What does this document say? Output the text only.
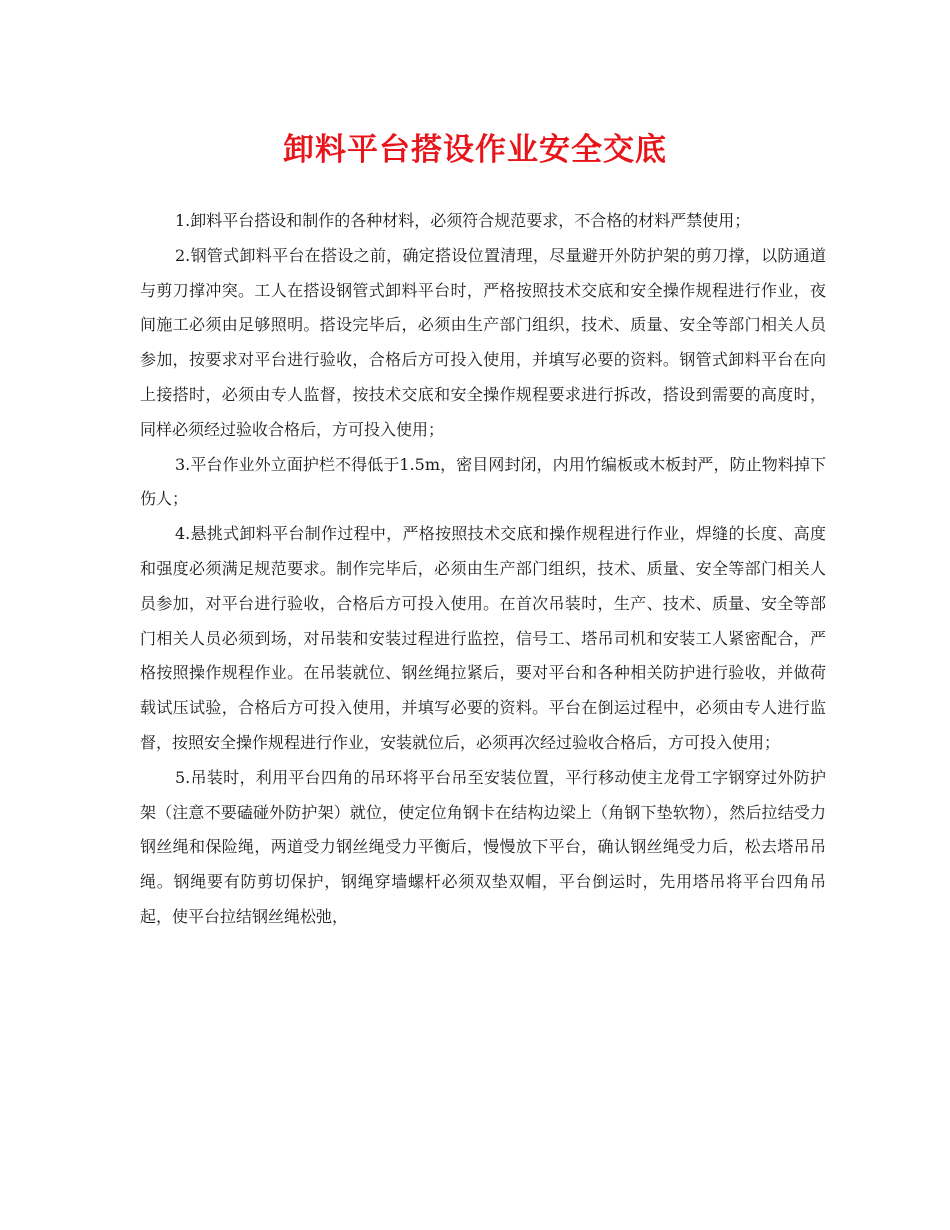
卸料平台搭设作业安全交底

1.卸料平台搭设和制作的各种材料，必须符合规范要求，不合格的材料严禁使用；

2.钢管式卸料平台在搭设之前，确定搭设位置清理，尽量避开外防护架的剪刀撑，以防通道与剪刀撑冲突。工人在搭设钢管式卸料平台时，严格按照技术交底和安全操作规程进行作业，夜间施工必须由足够照明。搭设完毕后，必须由生产部门组织，技术、质量、安全等部门相关人员参加，按要求对平台进行验收，合格后方可投入使用，并填写必要的资料。钢管式卸料平台在向上接搭时，必须由专人监督，按技术交底和安全操作规程要求进行拆改，搭设到需要的高度时，同样必须经过验收合格后，方可投入使用；

3.平台作业外立面护栏不得低于1.5m，密目网封闭，内用竹编板或木板封严，防止物料掉下伤人；

4.悬挑式卸料平台制作过程中，严格按照技术交底和操作规程进行作业，焊缝的长度、高度和强度必须满足规范要求。制作完毕后，必须由生产部门组织，技术、质量、安全等部门相关人员参加，对平台进行验收，合格后方可投入使用。在首次吊装时，生产、技术、质量、安全等部门相关人员必须到场，对吊装和安装过程进行监控，信号工、塔吊司机和安装工人紧密配合，严格按照操作规程作业。在吊装就位、钢丝绳拉紧后，要对平台和各种相关防护进行验收，并做荷载试压试验，合格后方可投入使用，并填写必要的资料。平台在倒运过程中，必须由专人进行监督，按照安全操作规程进行作业，安装就位后，必须再次经过验收合格后，方可投入使用；

5.吊装时，利用平台四角的吊环将平台吊至安装位置，平行移动使主龙骨工字钢穿过外防护架（注意不要磕碰外防护架）就位，使定位角钢卡在结构边梁上（角钢下垫软物），然后拉结受力钢丝绳和保险绳，两道受力钢丝绳受力平衡后，慢慢放下平台，确认钢丝绳受力后，松去塔吊吊绳。钢绳要有防剪切保护，钢绳穿墙螺杆必须双垫双帽，平台倒运时，先用塔吊将平台四角吊起，使平台拉结钢丝绳松弛，
